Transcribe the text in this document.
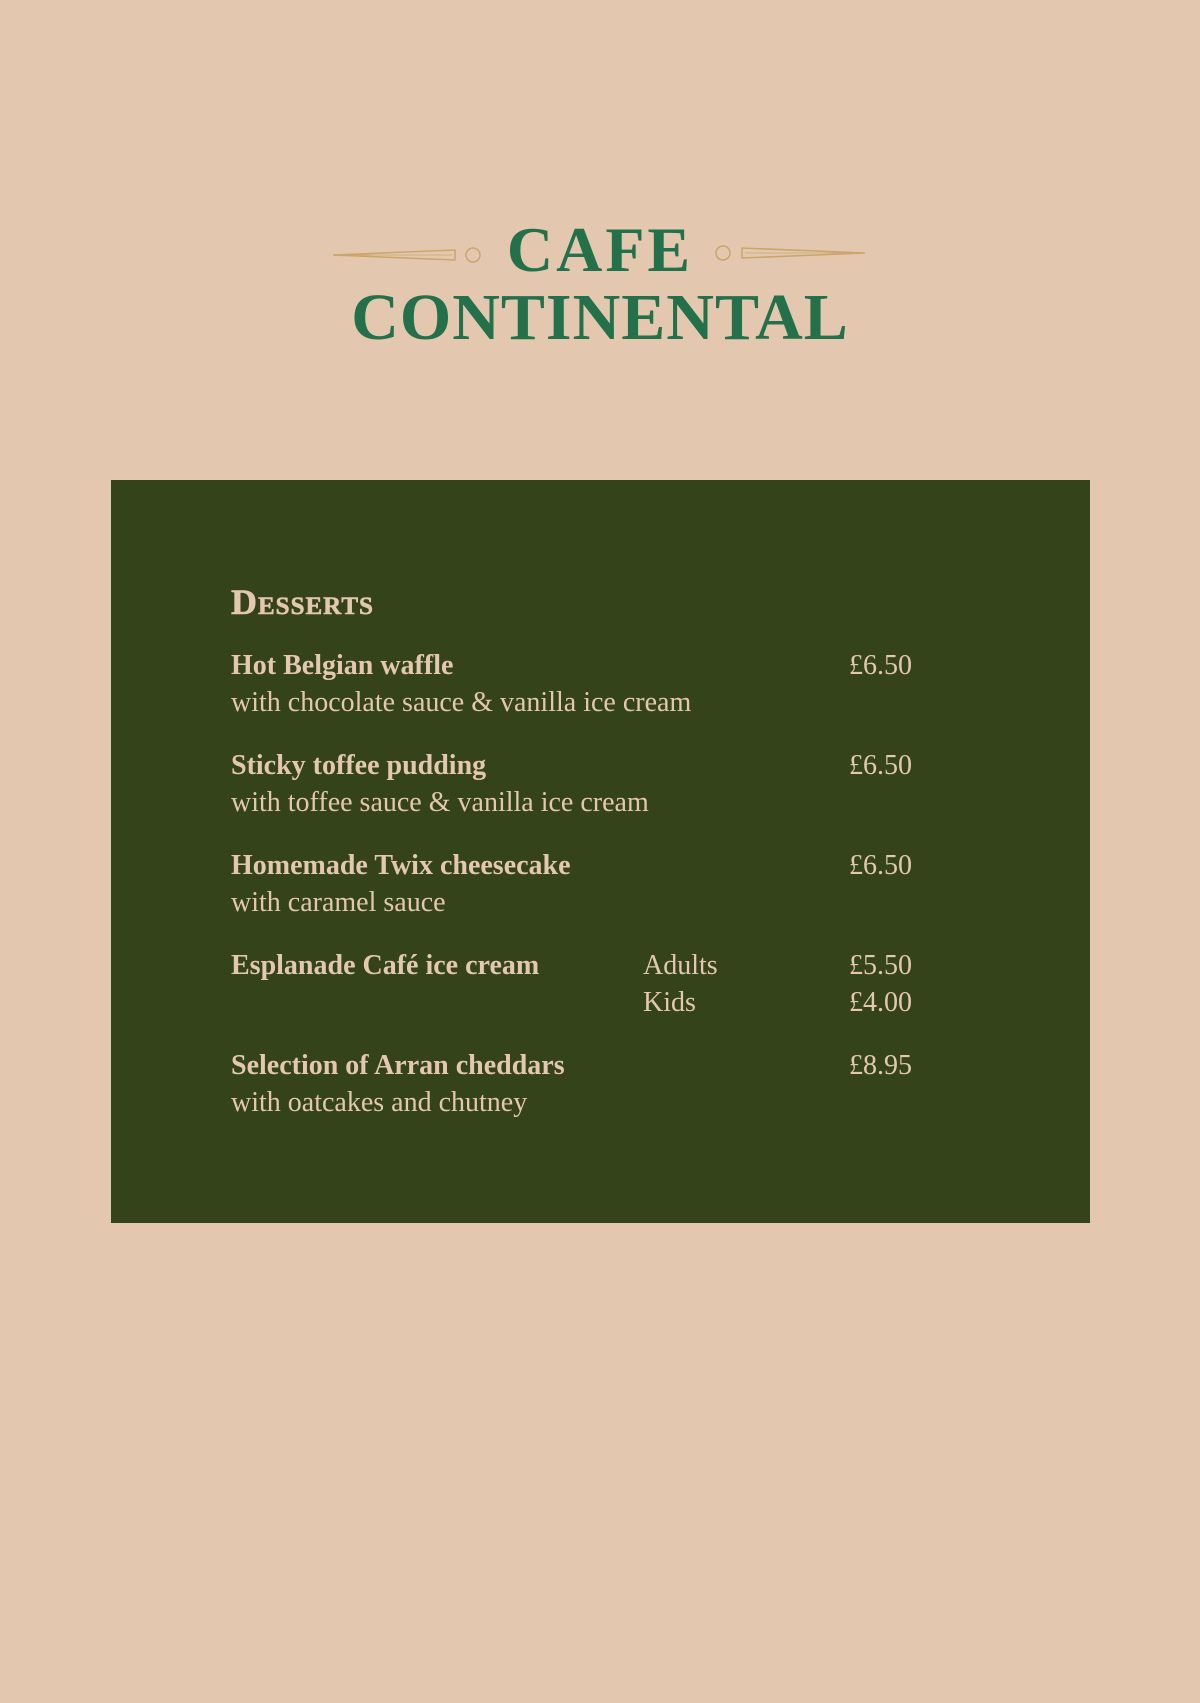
CAFE
CONTINENTAL
Desserts
Hot Belgian waffle	£6.50
with chocolate sauce & vanilla ice cream
Sticky toffee pudding	£6.50
with toffee sauce & vanilla ice cream
Homemade Twix cheesecake	£6.50
with caramel sauce
Esplanade Café ice cream	Adults	£5.50
Kids	£4.00
Selection of Arran cheddars	£8.95
with oatcakes and chutney
